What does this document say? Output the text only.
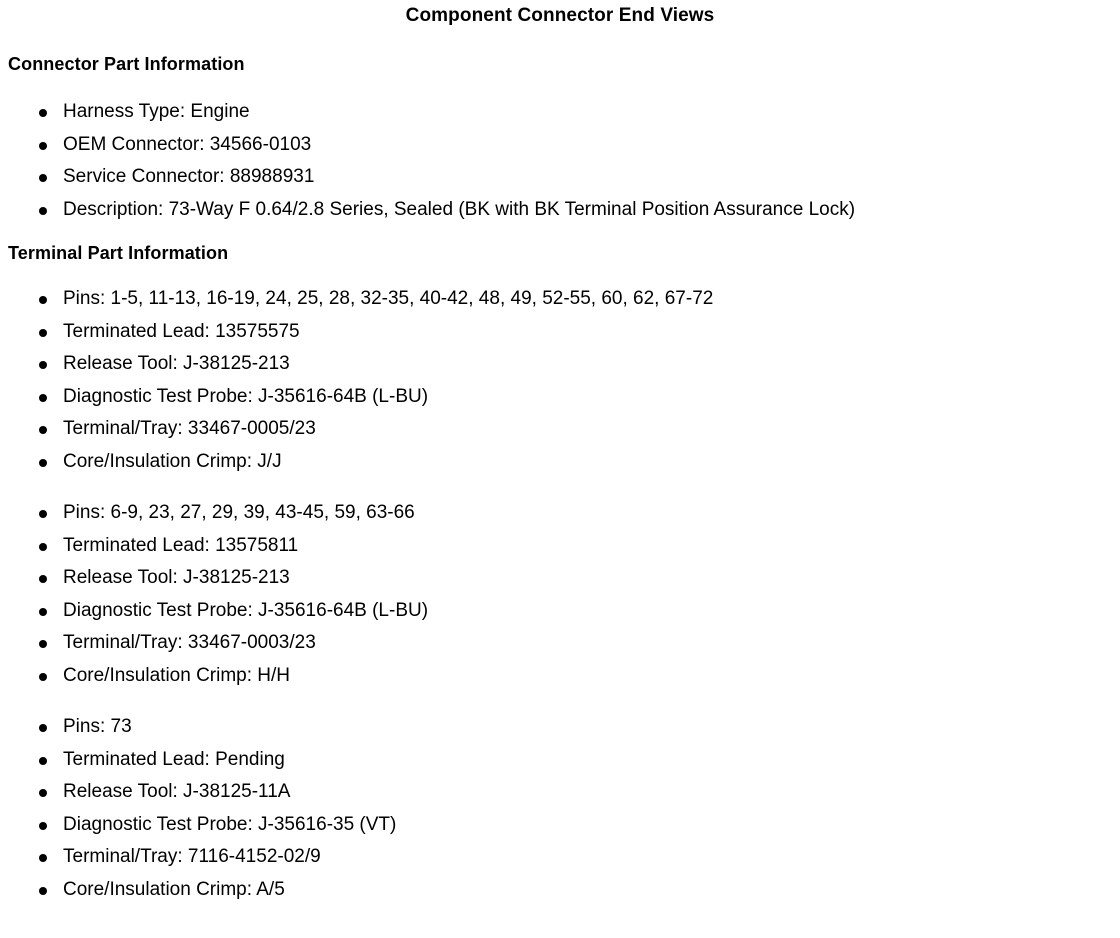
Component Connector End Views
Connector Part Information
Harness Type: Engine
OEM Connector: 34566-0103
Service Connector: 88988931
Description: 73-Way F 0.64/2.8 Series, Sealed (BK with BK Terminal Position Assurance Lock)
Terminal Part Information
Pins: 1-5, 11-13, 16-19, 24, 25, 28, 32-35, 40-42, 48, 49, 52-55, 60, 62, 67-72
Terminated Lead: 13575575
Release Tool: J-38125-213
Diagnostic Test Probe: J-35616-64B (L-BU)
Terminal/Tray: 33467-0005/23
Core/Insulation Crimp: J/J
Pins: 6-9, 23, 27, 29, 39, 43-45, 59, 63-66
Terminated Lead: 13575811
Release Tool: J-38125-213
Diagnostic Test Probe: J-35616-64B (L-BU)
Terminal/Tray: 33467-0003/23
Core/Insulation Crimp: H/H
Pins: 73
Terminated Lead: Pending
Release Tool: J-38125-11A
Diagnostic Test Probe: J-35616-35 (VT)
Terminal/Tray: 7116-4152-02/9
Core/Insulation Crimp: A/5
